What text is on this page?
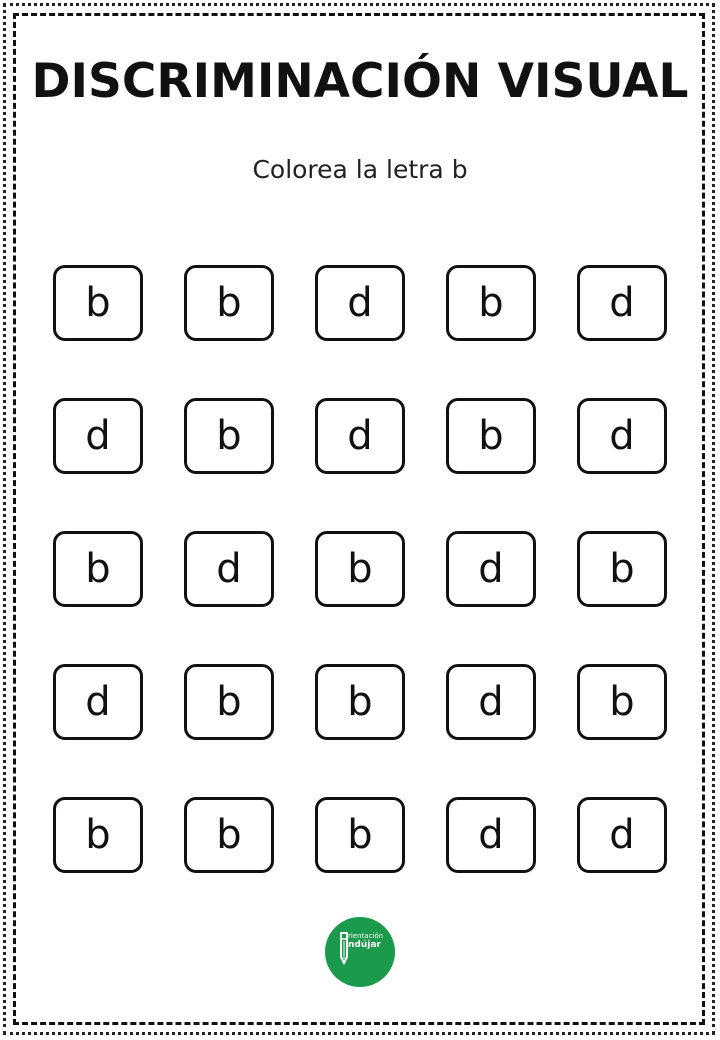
DISCRIMINACIÓN VISUAL
Colorea la letra b
b	b	d	b	d
d	b	d	b	d
b	d	b	d	b
d	b	b	d	b
b	b	b	d	d
rientación
ndújar
